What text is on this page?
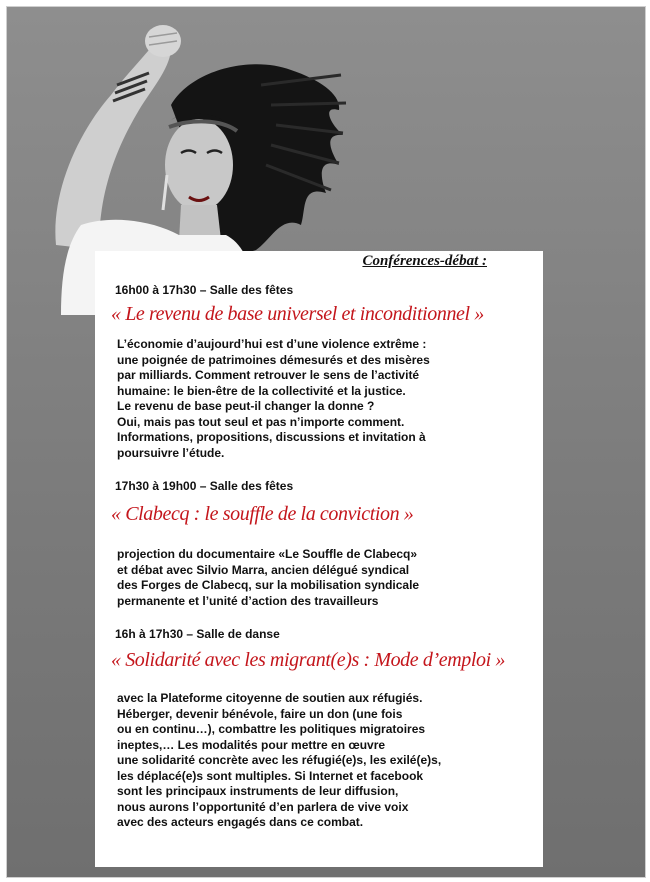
Conférences-débat :

16h00 à 17h30 – Salle des fêtes

« Le revenu de base universel et inconditionnel »

L’économie d’aujourd’hui est d’une violence extrême :
une poignée de patrimoines démesurés et des misères
par milliards. Comment retrouver le sens de l’activité
humaine: le bien-être de la collectivité et la justice.
Le revenu de base peut-il changer la donne ?
Oui, mais pas tout seul et pas n’importe comment.
Informations, propositions, discussions et invitation à
poursuivre l’étude.

17h30 à 19h00 – Salle des fêtes

« Clabecq : le souffle de la conviction »

projection du documentaire «Le Souffle de Clabecq»
et débat avec Silvio Marra, ancien délégué syndical
des Forges de Clabecq, sur la mobilisation syndicale
permanente et l’unité d’action des travailleurs

16h à 17h30 – Salle de danse

« Solidarité avec les migrant(e)s : Mode d’emploi »

avec la Plateforme citoyenne de soutien aux réfugiés.
Héberger, devenir bénévole, faire un don (une fois
ou en continu…), combattre les politiques migratoires
ineptes,… Les modalités pour mettre en œuvre
une solidarité concrète avec les réfugié(e)s, les exilé(e)s,
les déplacé(e)s sont multiples. Si Internet et facebook
sont les principaux instruments de leur diffusion,
nous aurons l’opportunité d’en parlera de vive voix
avec des acteurs engagés dans ce combat.
